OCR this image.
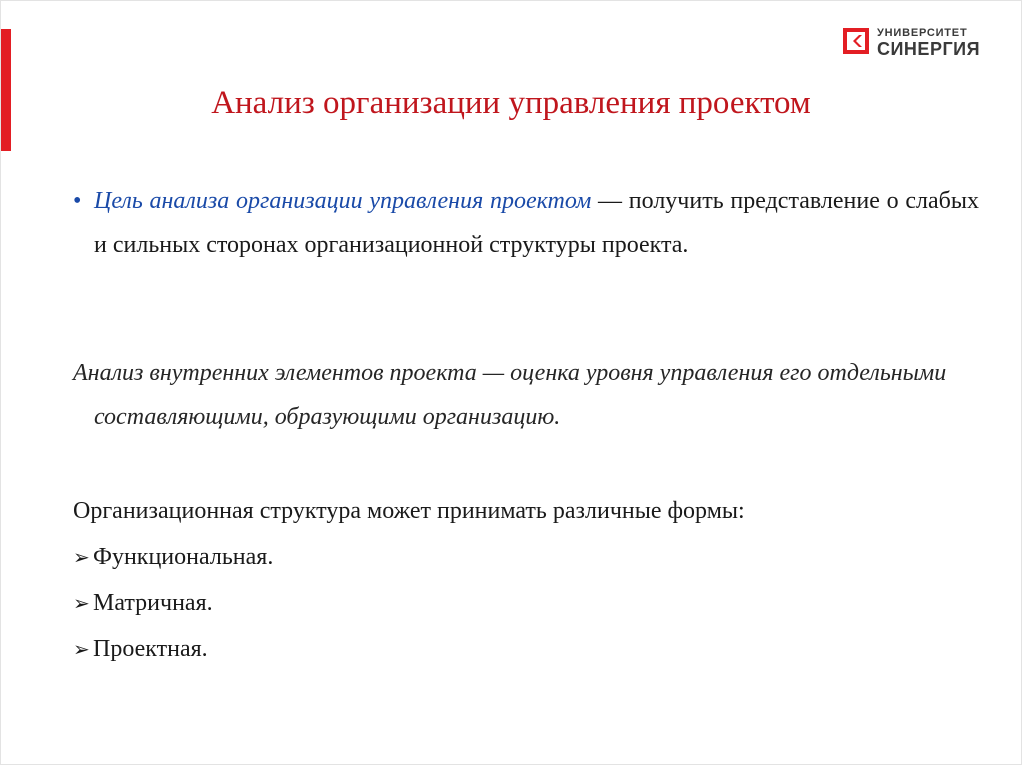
УНИВЕРСИТЕТ
СИНЕРГИЯ
Анализ организации управления проектом
• Цель анализа организации управления проектом — получить представление о слабых и сильных сторонах организационной структуры проекта.
Анализ внутренних элементов проекта — оценка уровня управления его отдельными составляющими, образующими организацию.
Организационная структура может принимать различные формы:
➢ Функциональная.
➢ Матричная.
➢ Проектная.
